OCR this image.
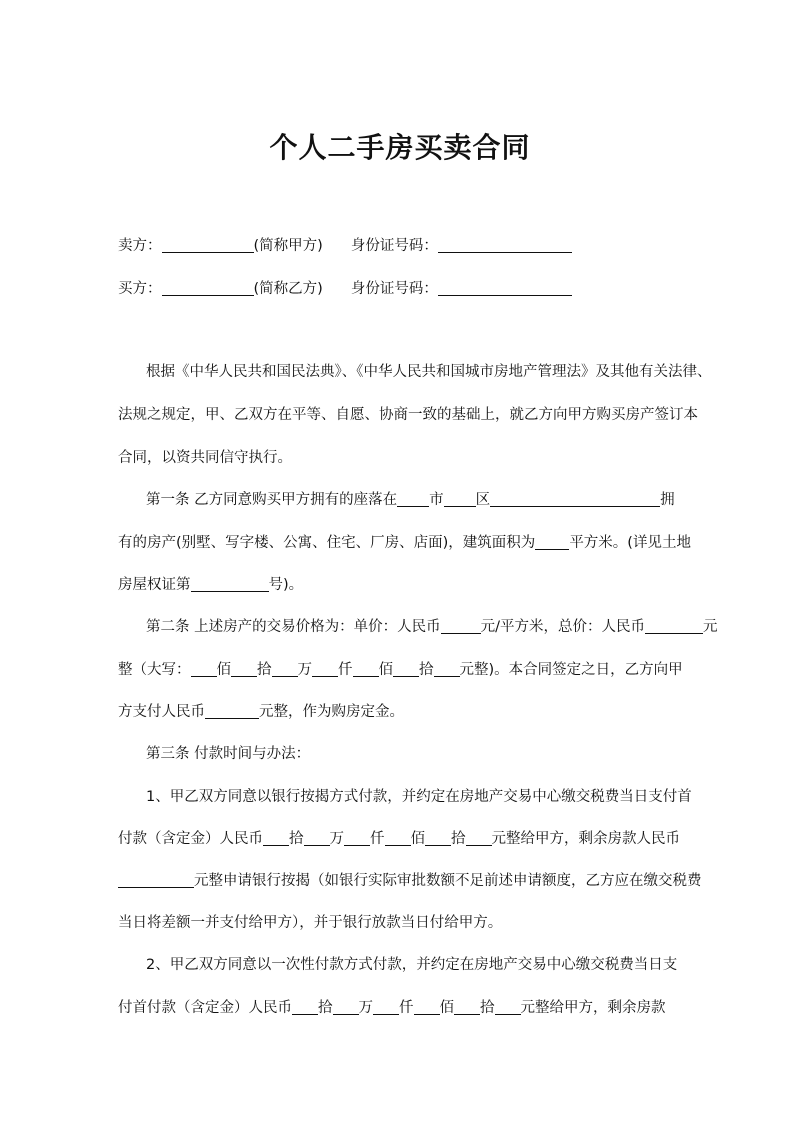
个人二手房买卖合同
卖方：	(简称甲方) 身份证号码：
买方：	(简称乙方) 身份证号码：
根据《中华人民共和国民法典》、《中华人民共和国城市房地产管理法》及其他有关法律、
法规之规定，甲、乙双方在平等、自愿、协商一致的基础上，就乙方向甲方购买房产签订本
合同，以资共同信守执行。
第一条 乙方同意购买甲方拥有的座落在 市 区	拥
有的房产(别墅、写字楼、公寓、住宅、厂房、店面)，建筑面积为 平方米。(详见土地
房屋权证第	号)。
第二条 上述房产的交易价格为：单价：人民币	元/平方米，总价：人民币	元
整（大写： 佰 拾 万 仟 佰 拾 元整)。本合同签定之日，乙方向甲
方支付人民币	元整，作为购房定金。
第三条 付款时间与办法：
1、甲乙双方同意以银行按揭方式付款，并约定在房地产交易中心缴交税费当日支付首
付款（含定金）人民币 拾 万 仟 佰 拾 元整给甲方，剩余房款人民币
元整申请银行按揭（如银行实际审批数额不足前述申请额度，乙方应在缴交税费
当日将差额一并支付给甲方），并于银行放款当日付给甲方。
2、甲乙双方同意以一次性付款方式付款，并约定在房地产交易中心缴交税费当日支
付首付款（含定金）人民币 拾 万 仟 佰 拾 元整给甲方，剩余房款
